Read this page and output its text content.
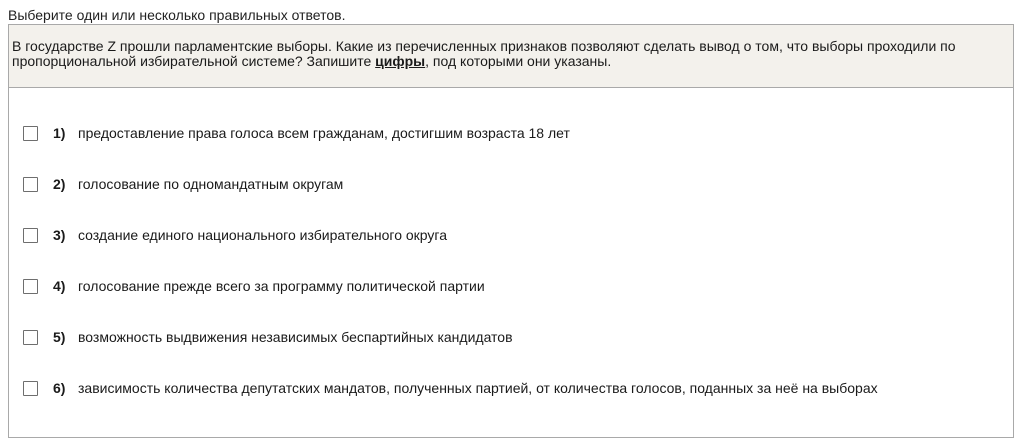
Выберите один или несколько правильных ответов.
В государстве Z прошли парламентские выборы. Какие из перечисленных признаков позволяют сделать вывод о том, что выборы проходили по пропорциональной избирательной системе? Запишите цифры, под которыми они указаны.
1) предоставление права голоса всем гражданам, достигшим возраста 18 лет
2) голосование по одномандатным округам
3) создание единого национального избирательного округа
4) голосование прежде всего за программу политической партии
5) возможность выдвижения независимых беспартийных кандидатов
6) зависимость количества депутатских мандатов, полученных партией, от количества голосов, поданных за неё на выборах
